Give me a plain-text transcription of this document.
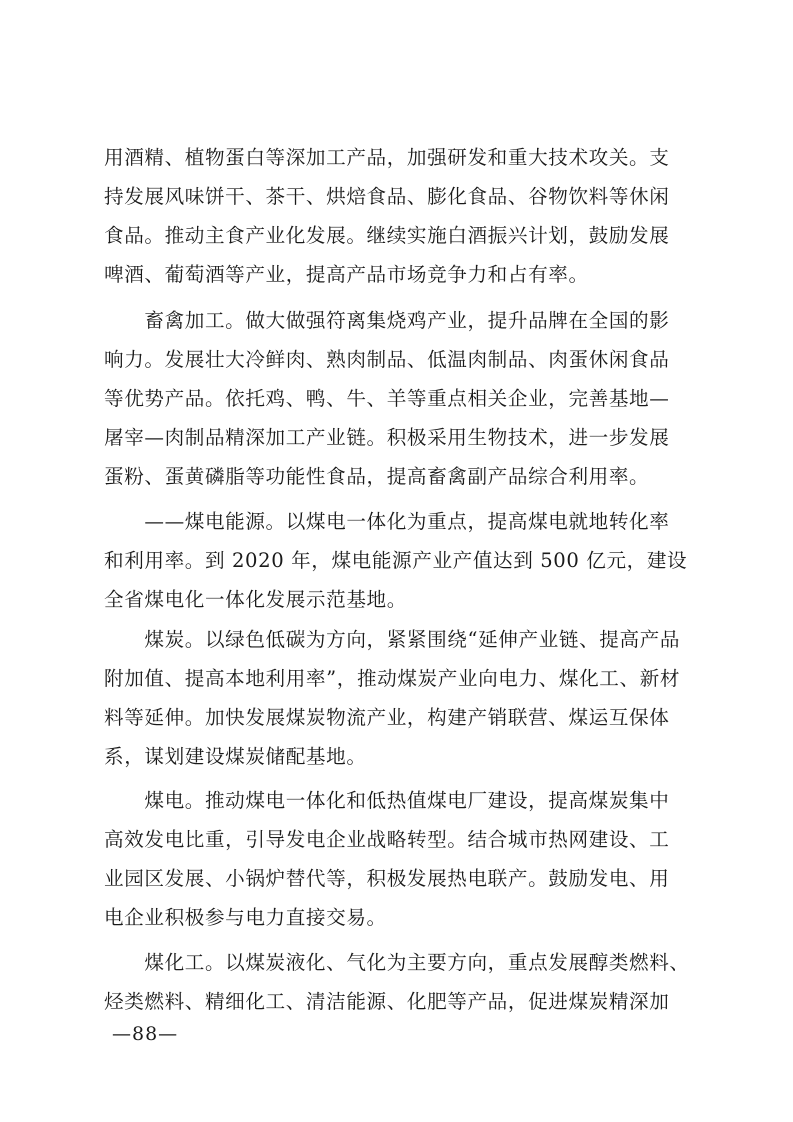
用酒精、植物蛋白等深加工产品，加强研发和重大技术攻关。支
持发展风味饼干、茶干、烘焙食品、膨化食品、谷物饮料等休闲
食品。推动主食产业化发展。继续实施白酒振兴计划，鼓励发展
啤酒、葡萄酒等产业，提高产品市场竞争力和占有率。
　　畜禽加工。做大做强符离集烧鸡产业，提升品牌在全国的影
响力。发展壮大冷鲜肉、熟肉制品、低温肉制品、肉蛋休闲食品
等优势产品。依托鸡、鸭、牛、羊等重点相关企业，完善基地—
屠宰—肉制品精深加工产业链。积极采用生物技术，进一步发展
蛋粉、蛋黄磷脂等功能性食品，提高畜禽副产品综合利用率。
　　——煤电能源。以煤电一体化为重点，提高煤电就地转化率
和利用率。到 2020 年，煤电能源产业产值达到 500 亿元，建设
全省煤电化一体化发展示范基地。
　　煤炭。以绿色低碳为方向，紧紧围绕“延伸产业链、提高产品
附加值、提高本地利用率”，推动煤炭产业向电力、煤化工、新材
料等延伸。加快发展煤炭物流产业，构建产销联营、煤运互保体
系，谋划建设煤炭储配基地。
　　煤电。推动煤电一体化和低热值煤电厂建设，提高煤炭集中
高效发电比重，引导发电企业战略转型。结合城市热网建设、工
业园区发展、小锅炉替代等，积极发展热电联产。鼓励发电、用
电企业积极参与电力直接交易。
　　煤化工。以煤炭液化、气化为主要方向，重点发展醇类燃料、
烃类燃料、精细化工、清洁能源、化肥等产品，促进煤炭精深加
—88—
